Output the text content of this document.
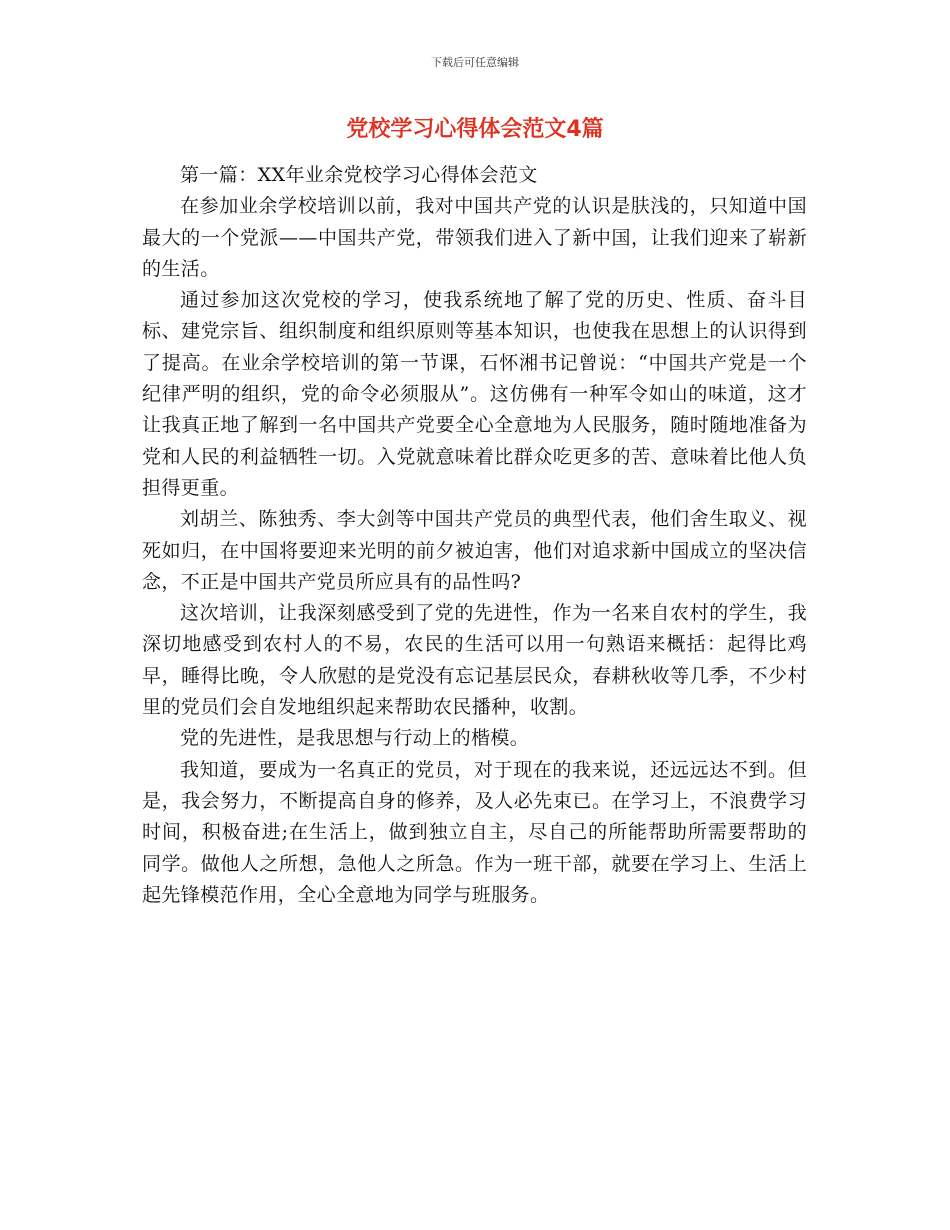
下载后可任意编辑
党校学习心得体会范文4篇

第一篇：XX年业余党校学习心得体会范文

在参加业余学校培训以前，我对中国共产党的认识是肤浅的，只知道中国最大的一个党派——中国共产党，带领我们进入了新中国，让我们迎来了崭新的生活。

通过参加这次党校的学习，使我系统地了解了党的历史、性质、奋斗目标、建党宗旨、组织制度和组织原则等基本知识，也使我在思想上的认识得到了提高。在业余学校培训的第一节课，石怀湘书记曾说：“中国共产党是一个纪律严明的组织，党的命令必须服从”。这仿佛有一种军令如山的味道，这才让我真正地了解到一名中国共产党要全心全意地为人民服务，随时随地准备为党和人民的利益牺牲一切。入党就意味着比群众吃更多的苦、意味着比他人负担得更重。

刘胡兰、陈独秀、李大剑等中国共产党员的典型代表，他们舍生取义、视死如归，在中国将要迎来光明的前夕被迫害，他们对追求新中国成立的坚决信念，不正是中国共产党员所应具有的品性吗?

这次培训，让我深刻感受到了党的先进性，作为一名来自农村的学生，我深切地感受到农村人的不易，农民的生活可以用一句熟语来概括：起得比鸡早，睡得比晚，令人欣慰的是党没有忘记基层民众，春耕秋收等几季，不少村里的党员们会自发地组织起来帮助农民播种，收割。

党的先进性，是我思想与行动上的楷模。

我知道，要成为一名真正的党员，对于现在的我来说，还远远达不到。但是，我会努力，不断提高自身的修养，及人必先束已。在学习上，不浪费学习时间，积极奋进;在生活上，做到独立自主，尽自己的所能帮助所需要帮助的同学。做他人之所想，急他人之所急。作为一班干部，就要在学习上、生活上起先锋模范作用，全心全意地为同学与班服务。
